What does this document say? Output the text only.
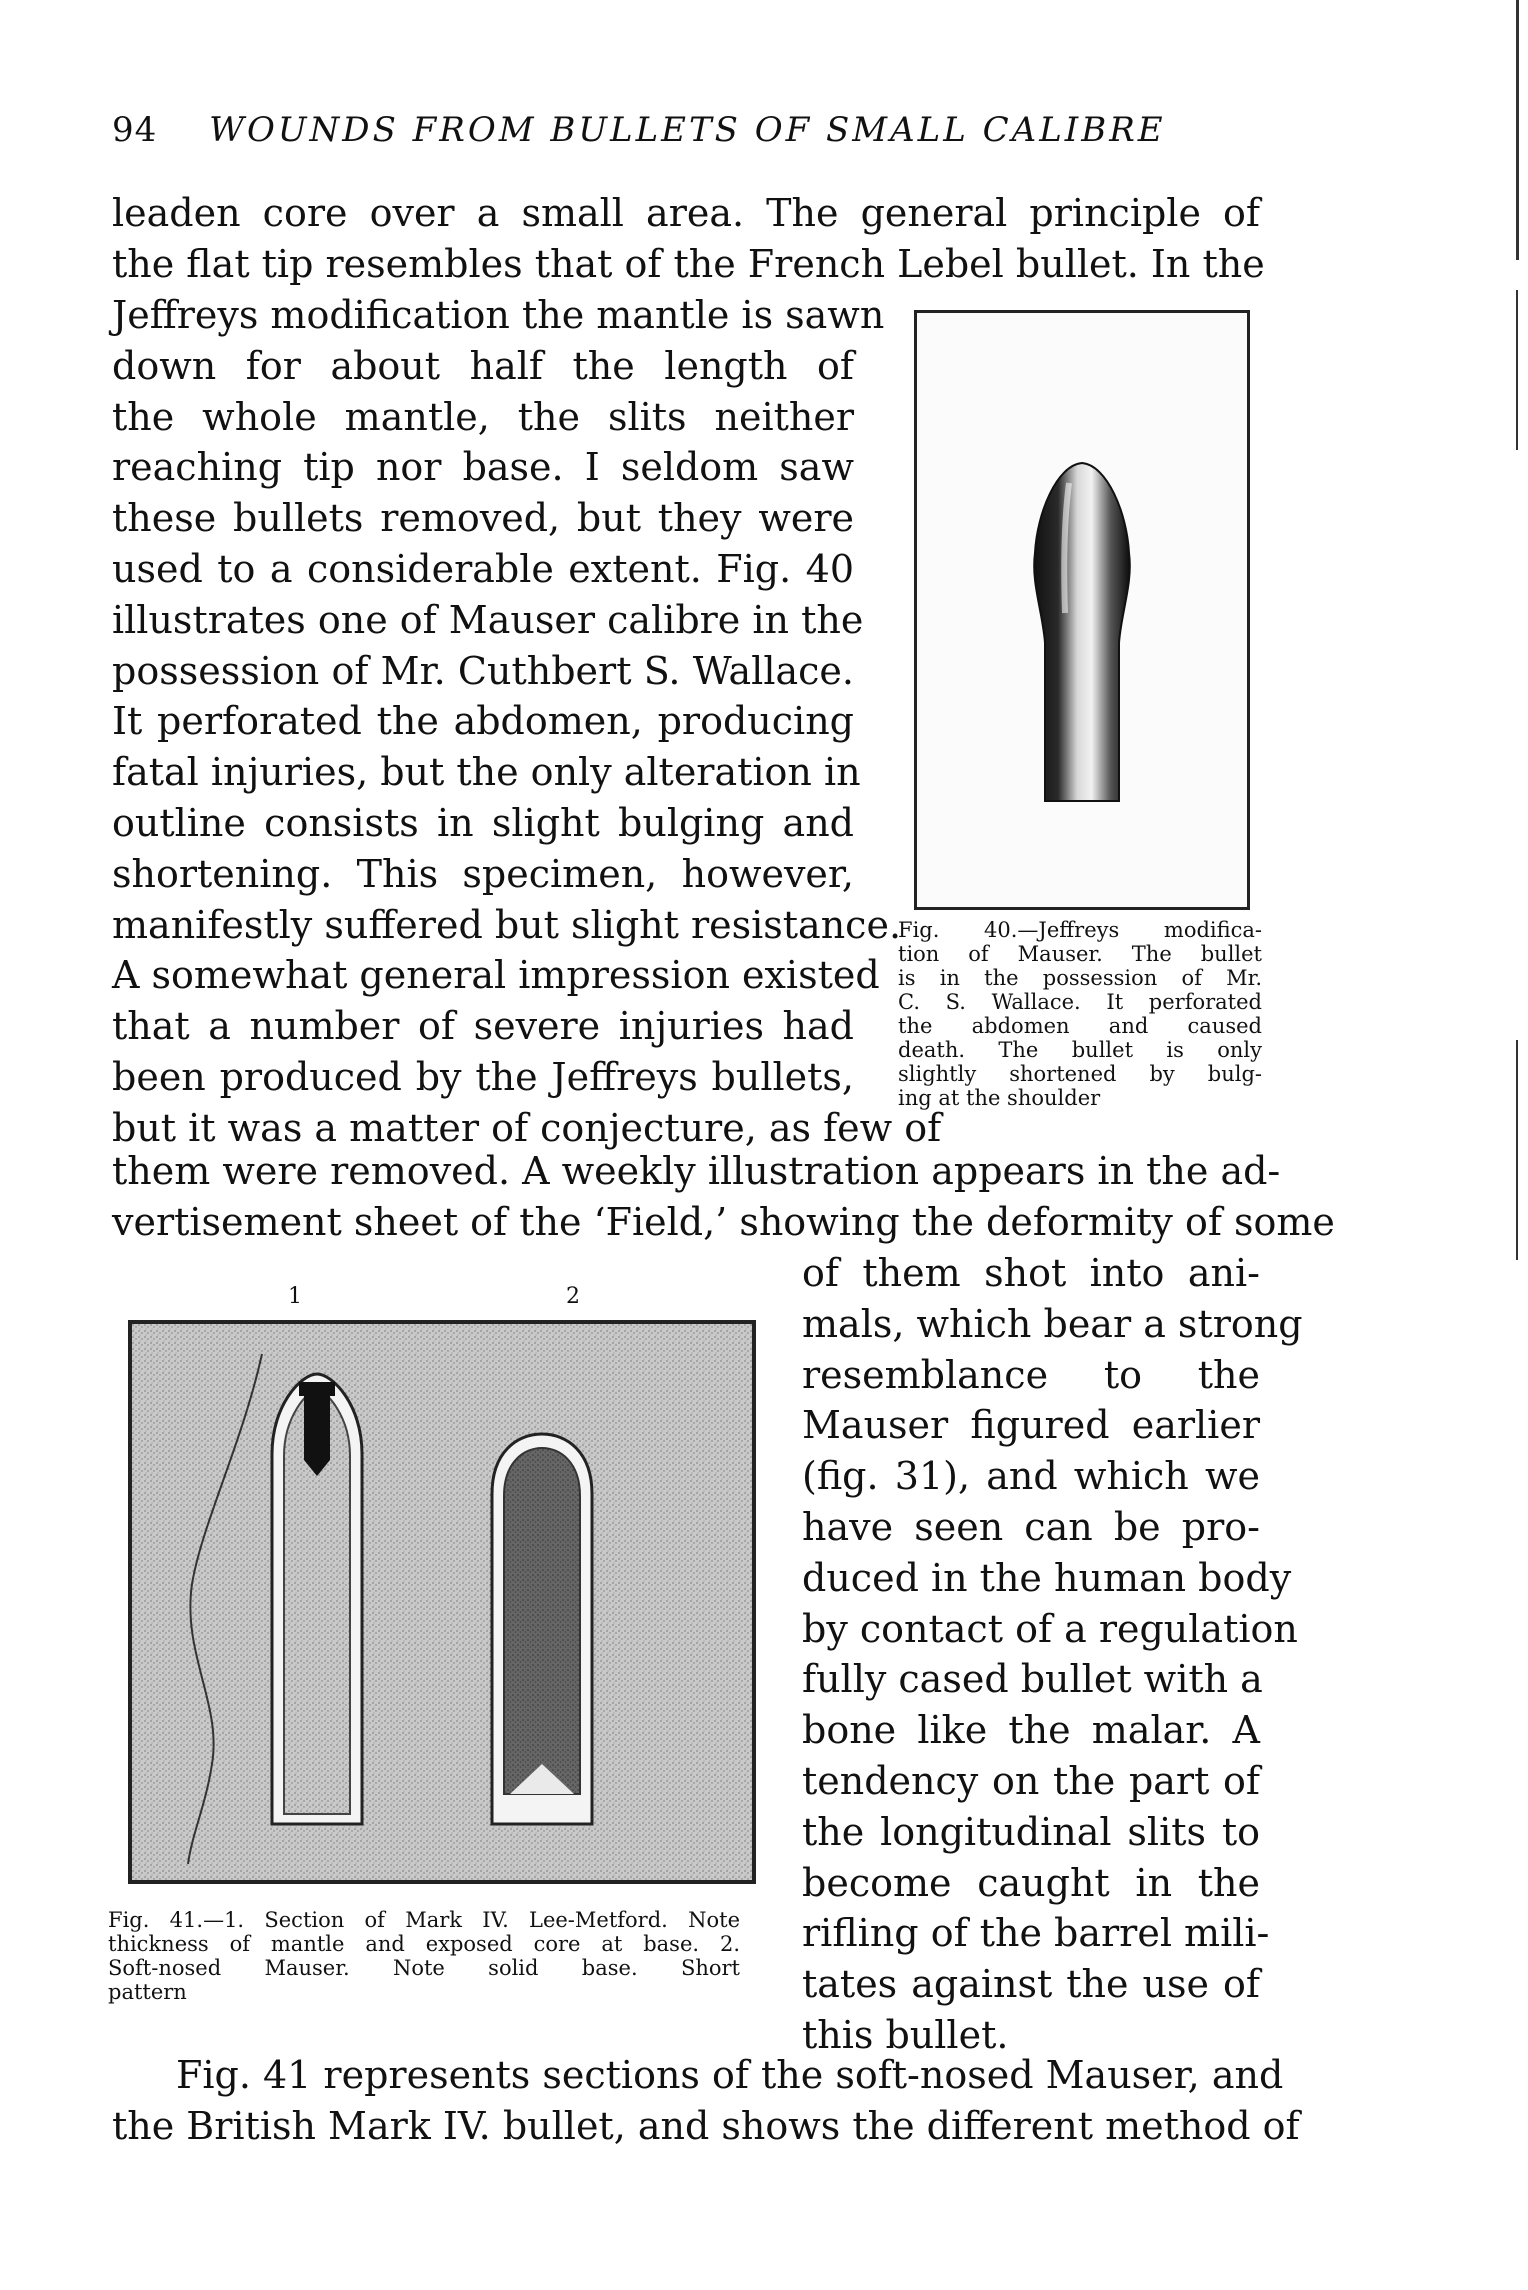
94 WOUNDS FROM BULLETS OF SMALL CALIBRE
leaden core over a small area. The general principle of
the flat tip resembles that of the French Lebel bullet. In the
Jeffreys modification the mantle is sawn
down for about half the length of
the whole mantle, the slits neither
reaching tip nor base. I seldom saw
these bullets removed, but they were
used to a considerable extent. Fig. 40
illustrates one of Mauser calibre in the
possession of Mr. Cuthbert S. Wallace.
It perforated the abdomen, producing
fatal injuries, but the only alteration in
outline consists in slight bulging and
shortening. This specimen, however,
manifestly suffered but slight resistance.
A somewhat general impression existed
that a number of severe injuries had
been produced by the Jeffreys bullets,
but it was a matter of conjecture, as few of
Fig. 40.—Jeffreys modifica-
tion of Mauser. The bullet
is in the possession of Mr.
C. S. Wallace. It perforated
the abdomen and caused
death. The bullet is only
slightly shortened by bulg-
ing at the shoulder
them were removed. A weekly illustration appears in the ad-
vertisement sheet of the ‘Field,’ showing the deformity of some
1	2
Fig. 41.—1. Section of Mark IV. Lee-Metford. Note
thickness of mantle and exposed core at base. 2.
Soft-nosed Mauser. Note solid base. Short
pattern
of them shot into ani-
mals, which bear a strong
resemblance to the
Mauser figured earlier
(fig. 31), and which we
have seen can be pro-
duced in the human body
by contact of a regulation
fully cased bullet with a
bone like the malar. A
tendency on the part of
the longitudinal slits to
become caught in the
rifling of the barrel mili-
tates against the use of
this bullet.
Fig. 41 represents sections of the soft-nosed Mauser, and
the British Mark IV. bullet, and shows the different method of
